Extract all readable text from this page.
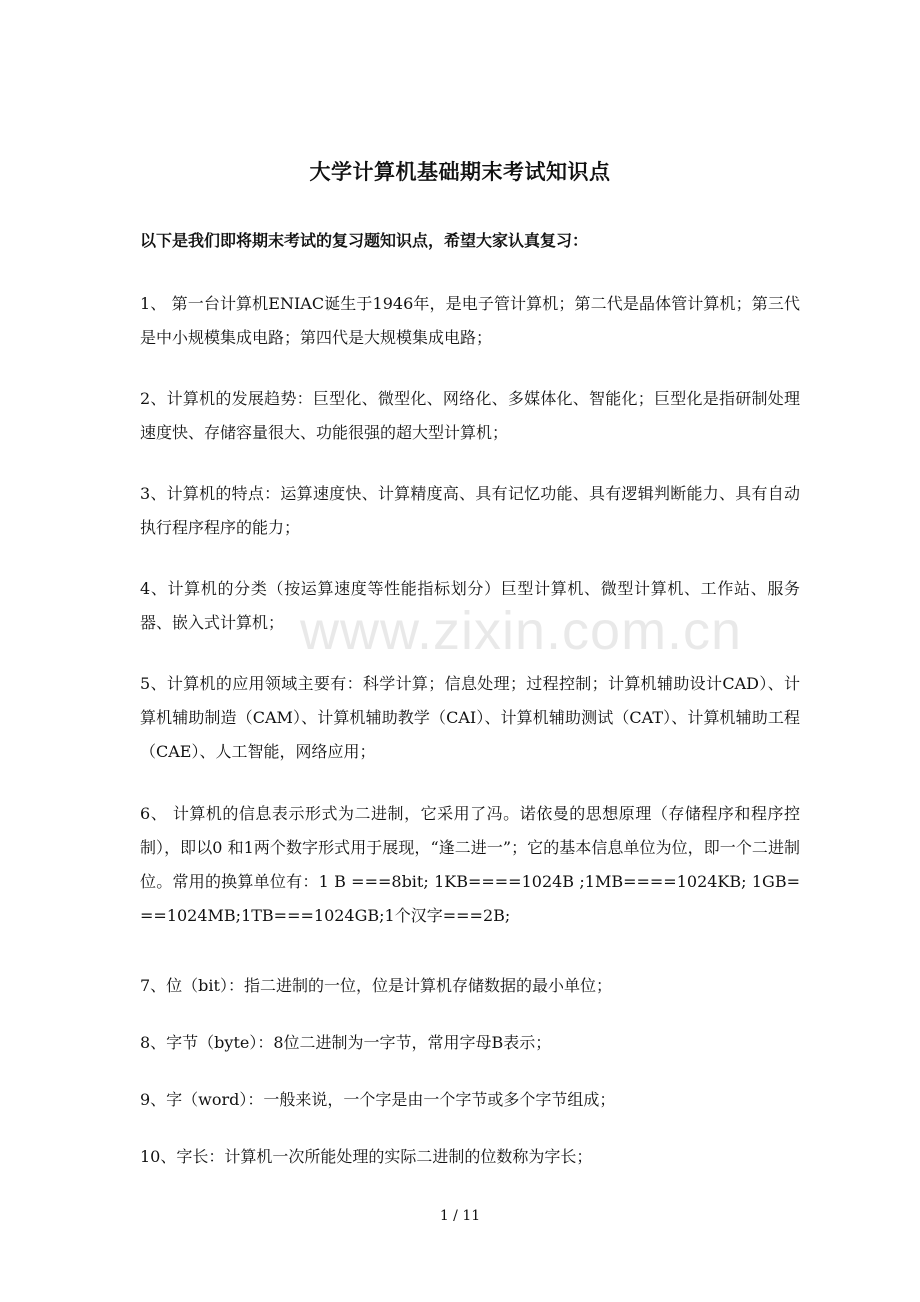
www.zixin.com.cn
大学计算机基础期末考试知识点
以下是我们即将期末考试的复习题知识点，希望大家认真复习：
1、 第一台计算机ENIAC诞生于1946年，是电子管计算机；第二代是晶体管计算机；第三代是中小规模集成电路；第四代是大规模集成电路；
2、计算机的发展趋势：巨型化、微型化、网络化、多媒体化、智能化；巨型化是指研制处理速度快、存储容量很大、功能很强的超大型计算机；
3、计算机的特点：运算速度快、计算精度高、具有记忆功能、具有逻辑判断能力、具有自动执行程序程序的能力；
4、计算机的分类（按运算速度等性能指标划分）巨型计算机、微型计算机、工作站、服务器、嵌入式计算机；
5、计算机的应用领域主要有：科学计算；信息处理；过程控制；计算机辅助设计CAD）、计算机辅助制造（CAM）、计算机辅助教学（CAI）、计算机辅助测试（CAT）、计算机辅助工程（CAE）、人工智能，网络应用；
6、 计算机的信息表示形式为二进制，它采用了冯。诺依曼的思想原理（存储程序和程序控制），即以0 和1两个数字形式用于展现，“逢二进一”；它的基本信息单位为位，即一个二进制位。常用的换算单位有：1 B ===8bit; 1KB====1024B ;1MB====1024KB; 1GB===1024MB;1TB===1024GB;1个汉字===2B;
7、位（bit）：指二进制的一位，位是计算机存储数据的最小单位；
8、字节（byte）：8位二进制为一字节，常用字母B表示；
9、字（word）：一般来说，一个字是由一个字节或多个字节组成；
10、字长：计算机一次所能处理的实际二进制的位数称为字长；
1 / 11
